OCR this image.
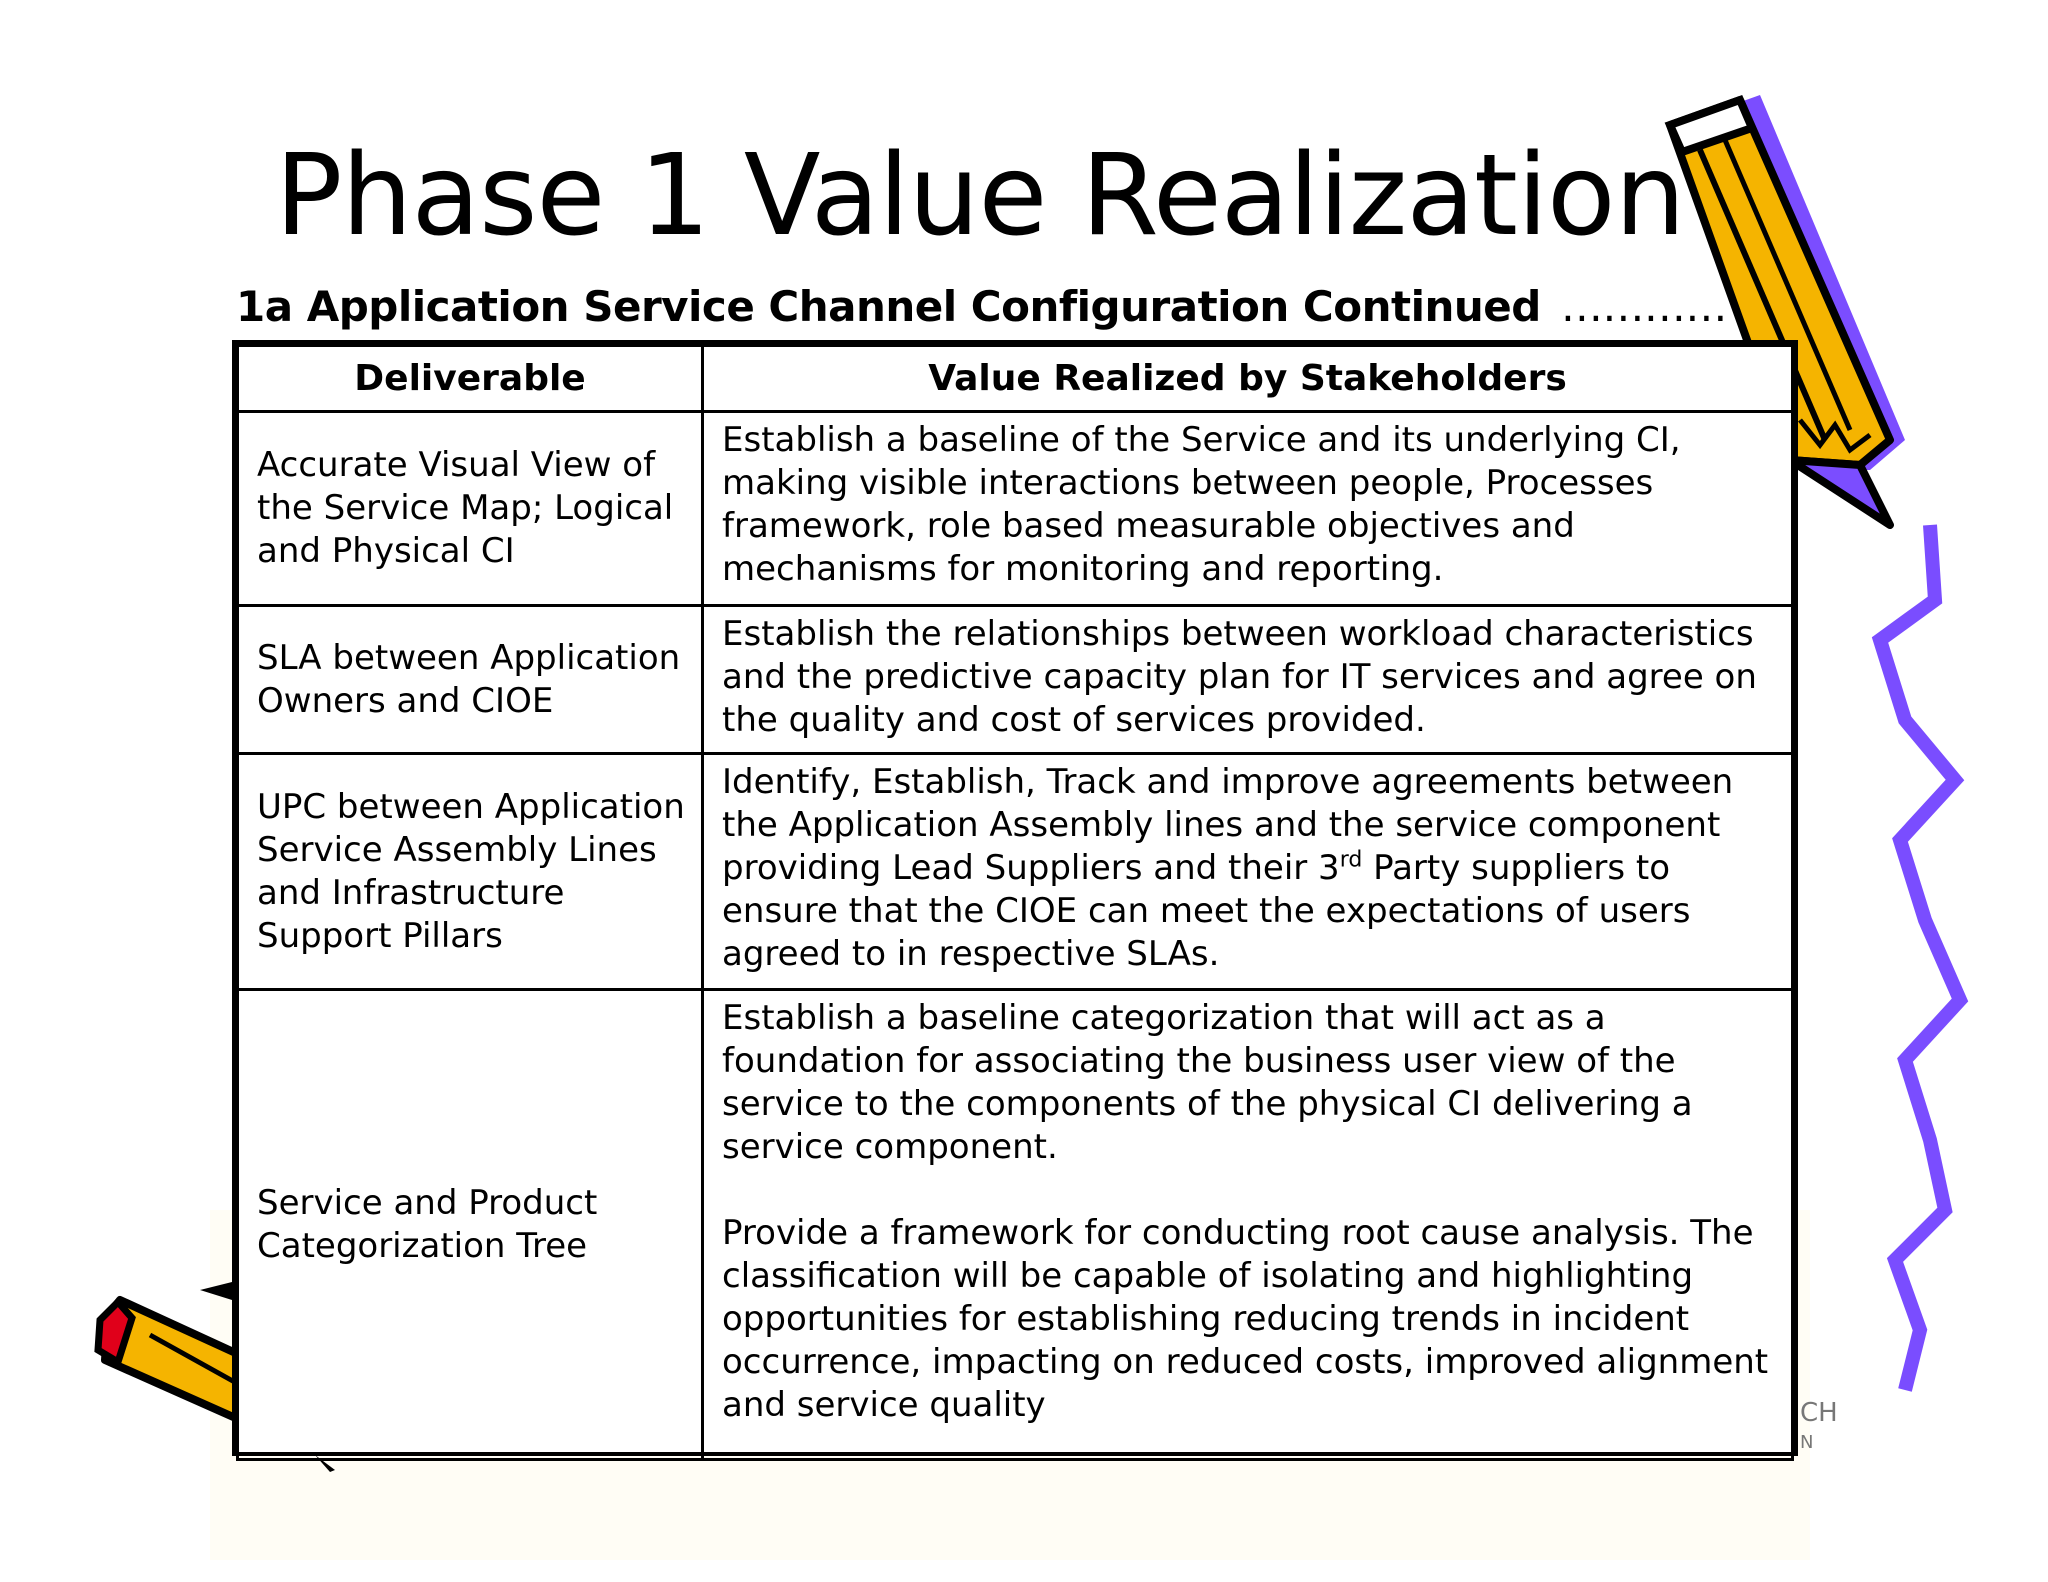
Phase 1 Value Realization
1a Application Service Channel Configuration Continued …………
Deliverable	Value Realized by Stakeholders
Accurate Visual View of the Service Map; Logical and Physical CI	Establish a baseline of the Service and its underlying CI, making visible interactions between people, Processes framework, role based measurable objectives and mechanisms for monitoring and reporting.

SLA between Application Owners and CIOE	Establish the relationships between workload characteristics and the predictive capacity plan for IT services and agree on the quality and cost of services provided.

UPC between Application Service Assembly Lines and Infrastructure Support Pillars	Identify, Establish, Track and improve agreements between the Application Assembly lines and the service component providing Lead Suppliers and their 3rd Party suppliers to ensure that the CIOE can meet the expectations of users agreed to in respective SLAs.

Service and Product Categorization Tree	Establish a baseline categorization that will act as a foundation for associating the business user view of the service to the components of the physical CI delivering a service component.
Provide a framework for conducting root cause analysis. The classification will be capable of isolating and highlighting opportunities for establishing reducing trends in incident occurrence, impacting on reduced costs, improved alignment and service quality	CH
N
